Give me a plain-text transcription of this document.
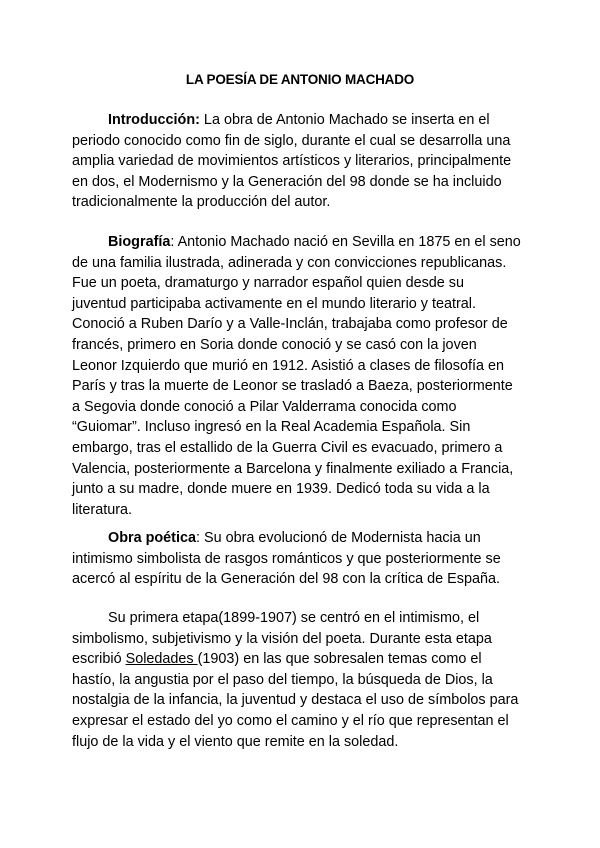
LA POESÍA DE ANTONIO MACHADO

Introducción: La obra de Antonio Machado se inserta en el periodo conocido como fin de siglo, durante el cual se desarrolla una amplia variedad de movimientos artísticos y literarios, principalmente en dos, el Modernismo y la Generación del 98 donde se ha incluido tradicionalmente la producción del autor.

Biografía: Antonio Machado nació en Sevilla en 1875 en el seno de una familia ilustrada, adinerada y con convicciones republicanas. Fue un poeta, dramaturgo y narrador español quien desde su juventud participaba activamente en el mundo literario y teatral. Conoció a Ruben Darío y a Valle-Inclán, trabajaba como profesor de francés, primero en Soria donde conoció y se casó con la joven Leonor Izquierdo que murió en 1912. Asistió a clases de filosofía en París y tras la muerte de Leonor se trasladó a Baeza, posteriormente a Segovia donde conoció a Pilar Valderrama conocida como “Guiomar”. Incluso ingresó en la Real Academia Española. Sin embargo, tras el estallido de la Guerra Civil es evacuado, primero a Valencia, posteriormente a Barcelona y finalmente exiliado a Francia, junto a su madre, donde muere en 1939. Dedicó toda su vida a la literatura.

Obra poética: Su obra evolucionó de Modernista hacia un intimismo simbolista de rasgos románticos y que posteriormente se acercó al espíritu de la Generación del 98 con la crítica de España.

Su primera etapa(1899-1907) se centró en el intimismo, el simbolismo, subjetivismo y la visión del poeta. Durante esta etapa escribió Soledades (1903) en las que sobresalen temas como el hastío, la angustia por el paso del tiempo, la búsqueda de Dios, la nostalgia de la infancia, la juventud y destaca el uso de símbolos para expresar el estado del yo como el camino y el río que representan el flujo de la vida y el viento que remite en la soledad.
